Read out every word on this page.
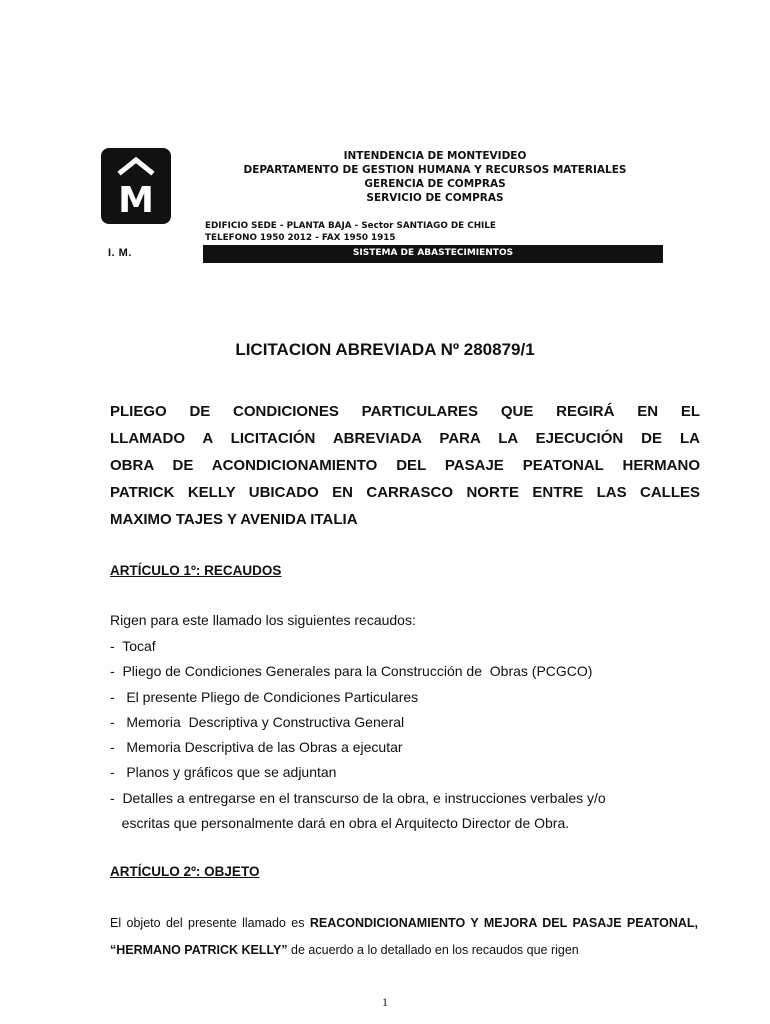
M
I. M.
INTENDENCIA DE MONTEVIDEO
DEPARTAMENTO DE GESTION HUMANA Y RECURSOS MATERIALES
GERENCIA DE COMPRAS
SERVICIO DE COMPRAS
EDIFICIO SEDE - PLANTA BAJA - Sector SANTIAGO DE CHILE
TELEFONO 1950 2012 - FAX 1950 1915
SISTEMA DE ABASTECIMIENTOS
LICITACION ABREVIADA Nº 280879/1
PLIEGO DE CONDICIONES PARTICULARES QUE REGIRÁ EN EL
LLAMADO A LICITACIÓN ABREVIADA PARA LA EJECUCIÓN DE LA
OBRA DE ACONDICIONAMIENTO DEL PASAJE PEATONAL HERMANO
PATRICK KELLY UBICADO EN CARRASCO NORTE ENTRE LAS CALLES
MAXIMO TAJES Y AVENIDA ITALIA
ARTÍCULO 1º: RECAUDOS
Rigen para este llamado los siguientes recaudos:
-  Tocaf
-  Pliego de Condiciones Generales para la Construcción de  Obras (PCGCO)
-   El presente Pliego de Condiciones Particulares
-   Memoria  Descriptiva y Constructiva General
-   Memoria Descriptiva de las Obras a ejecutar
-   Planos y gráficos que se adjuntan
-  Detalles a entregarse en el transcurso de la obra, e instrucciones verbales y/o
escritas que personalmente dará en obra el Arquitecto Director de Obra.
ARTÍCULO 2º: OBJETO
El objeto del presente llamado es REACONDICIONAMIENTO Y MEJORA DEL PASAJE PEATONAL, “HERMANO PATRICK KELLY” de acuerdo a lo detallado en los recaudos que rigen
1
